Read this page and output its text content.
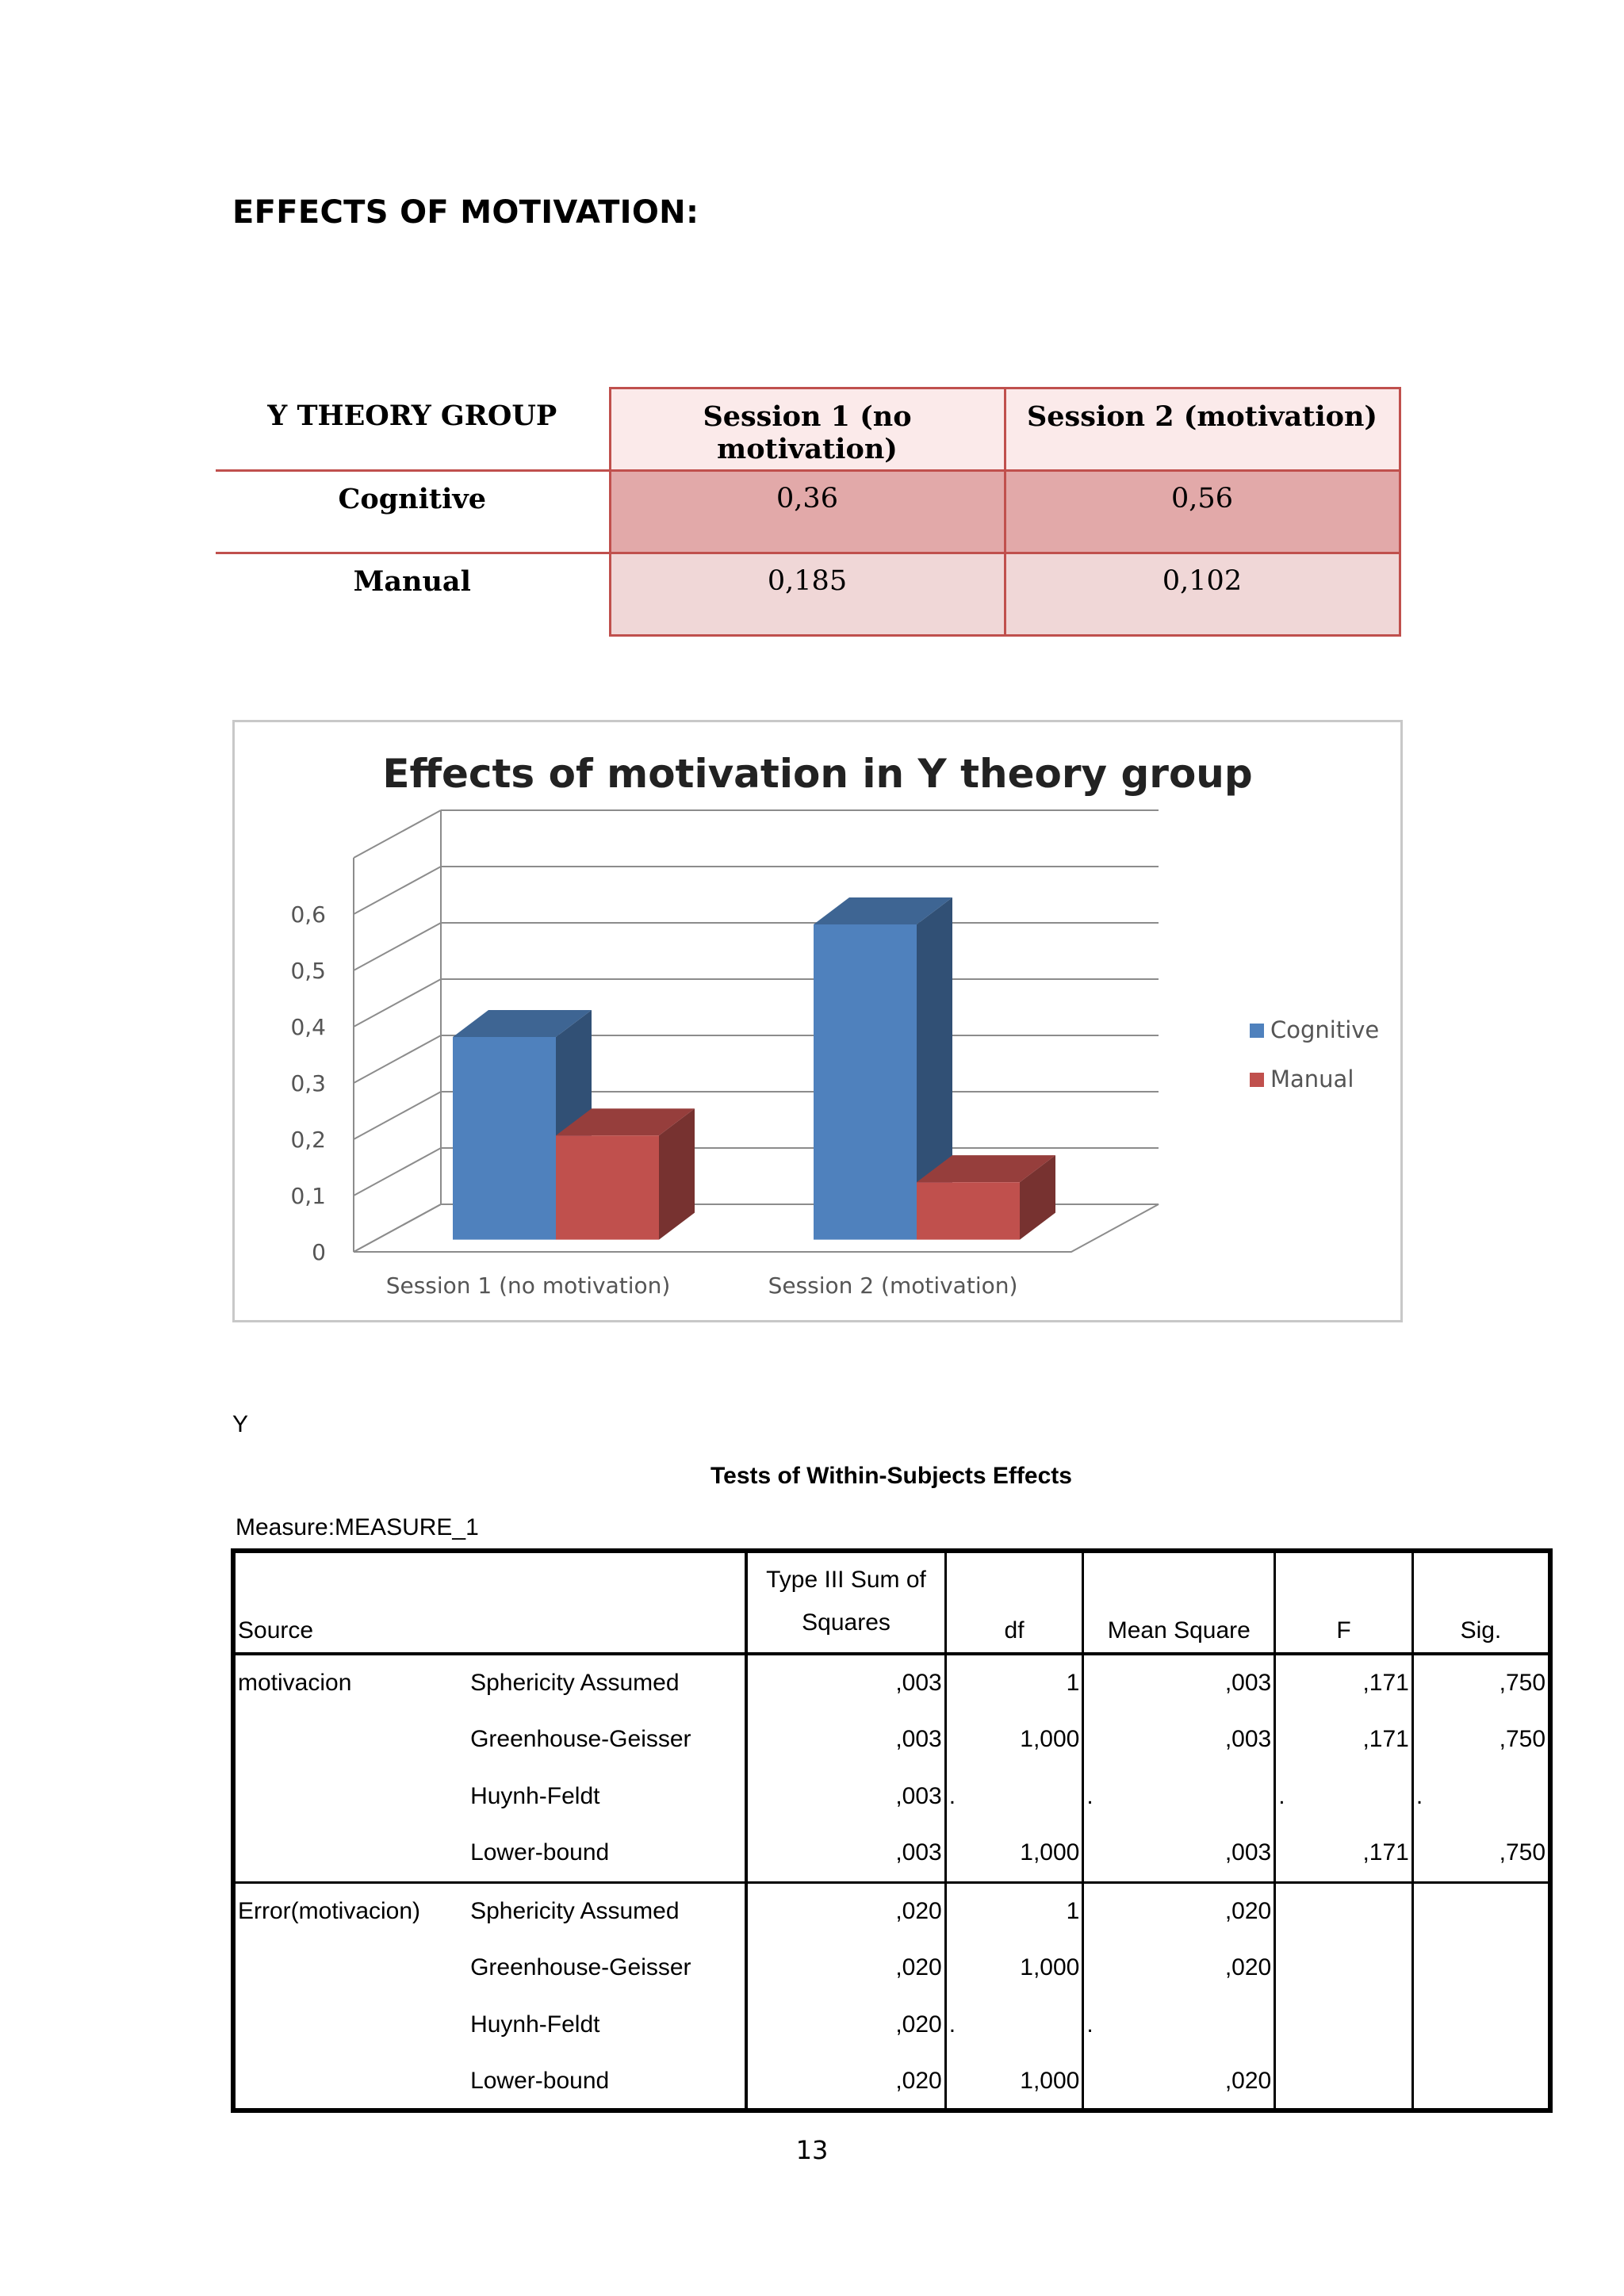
EFFECTS OF MOTIVATION:
Y THEORY GROUP	Session 1 (no motivation)	Session 2 (motivation)
Cognitive	0,36	0,56
Manual	0,185	0,102
Effects of motivation in Y theory group
0
0,1
0,2
0,3
0,4
0,5
0,6
Session 1 (no motivation)	Session 2 (motivation)
Cognitive
Manual
Y
Tests of Within-Subjects Effects
Measure:MEASURE_1
Source		Type III Sum of Squares	df	Mean Square	F	Sig.
motivacion	Sphericity Assumed	,003	1	,003	,171	,750
	Greenhouse-Geisser	,003	1,000	,003	,171	,750
	Huynh-Feldt	,003	.	.	.	.
	Lower-bound	,003	1,000	,003	,171	,750
Error(motivacion)	Sphericity Assumed	,020	1	,020		
	Greenhouse-Geisser	,020	1,000	,020		
	Huynh-Feldt	,020	.	.		
	Lower-bound	,020	1,000	,020		
13
